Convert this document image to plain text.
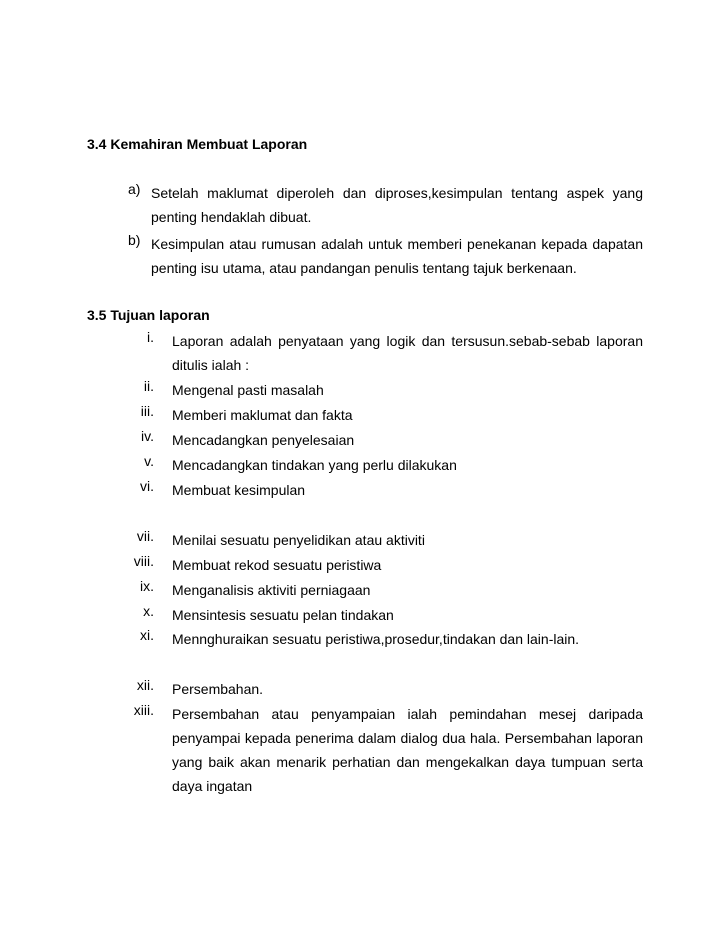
3.4 Kemahiran Membuat Laporan
a) Setelah maklumat diperoleh dan diproses,kesimpulan tentang aspek yang penting hendaklah dibuat.
b) Kesimpulan atau rumusan adalah untuk memberi penekanan kepada dapatan penting isu utama, atau pandangan penulis tentang tajuk berkenaan.
3.5 Tujuan laporan
i. Laporan adalah penyataan yang logik dan tersusun.sebab-sebab laporan ditulis ialah :
ii. Mengenal pasti masalah
iii. Memberi maklumat dan fakta
iv. Mencadangkan penyelesaian
v. Mencadangkan tindakan yang perlu dilakukan
vi. Membuat kesimpulan
vii. Menilai sesuatu penyelidikan atau aktiviti
viii. Membuat rekod sesuatu peristiwa
ix. Menganalisis aktiviti perniagaan
x. Mensintesis sesuatu pelan tindakan
xi. Mennghuraikan sesuatu peristiwa,prosedur,tindakan dan lain-lain.
xii. Persembahan.
xiii. Persembahan atau penyampaian ialah pemindahan mesej daripada penyampai kepada penerima dalam dialog dua hala. Persembahan laporan yang baik akan menarik perhatian dan mengekalkan daya tumpuan serta daya ingatan
